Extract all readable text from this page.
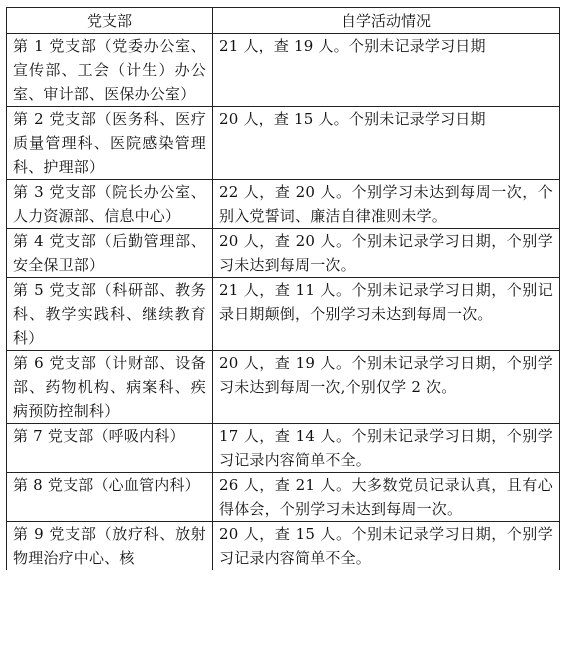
党支部	自学活动情况
第 1 党支部（党委办公室、宣传部、工会（计生）办公室、审计部、医保办公室）	21 人，查 19 人。个别未记录学习日期
第 2 党支部（医务科、医疗质量管理科、医院感染管理科、护理部）	20 人，查 15 人。个别未记录学习日期
第 3 党支部（院长办公室、人力资源部、信息中心）	22 人，查 20 人。个别学习未达到每周一次，个别入党誓词、廉洁自律准则未学。
第 4 党支部（后勤管理部、安全保卫部）	20 人，查 20 人。个别未记录学习日期，个别学习未达到每周一次。
第 5 党支部（科研部、教务科、教学实践科、继续教育科）	21 人，查 11 人。个别未记录学习日期，个别记录日期颠倒，个别学习未达到每周一次。
第 6 党支部（计财部、设备部、药物机构、病案科、疾病预防控制科）	20 人，查 19 人。个别未记录学习日期，个别学习未达到每周一次,个别仅学 2 次。
第 7 党支部（呼吸内科）	17 人，查 14 人。个别未记录学习日期，个别学习记录内容简单不全。
第 8 党支部（心血管内科）	26 人，查 21 人。大多数党员记录认真，且有心得体会，个别学习未达到每周一次。
第 9 党支部（放疗科、放射物理治疗中心、核	20 人，查 15 人。个别未记录学习日期，个别学习记录内容简单不全。
